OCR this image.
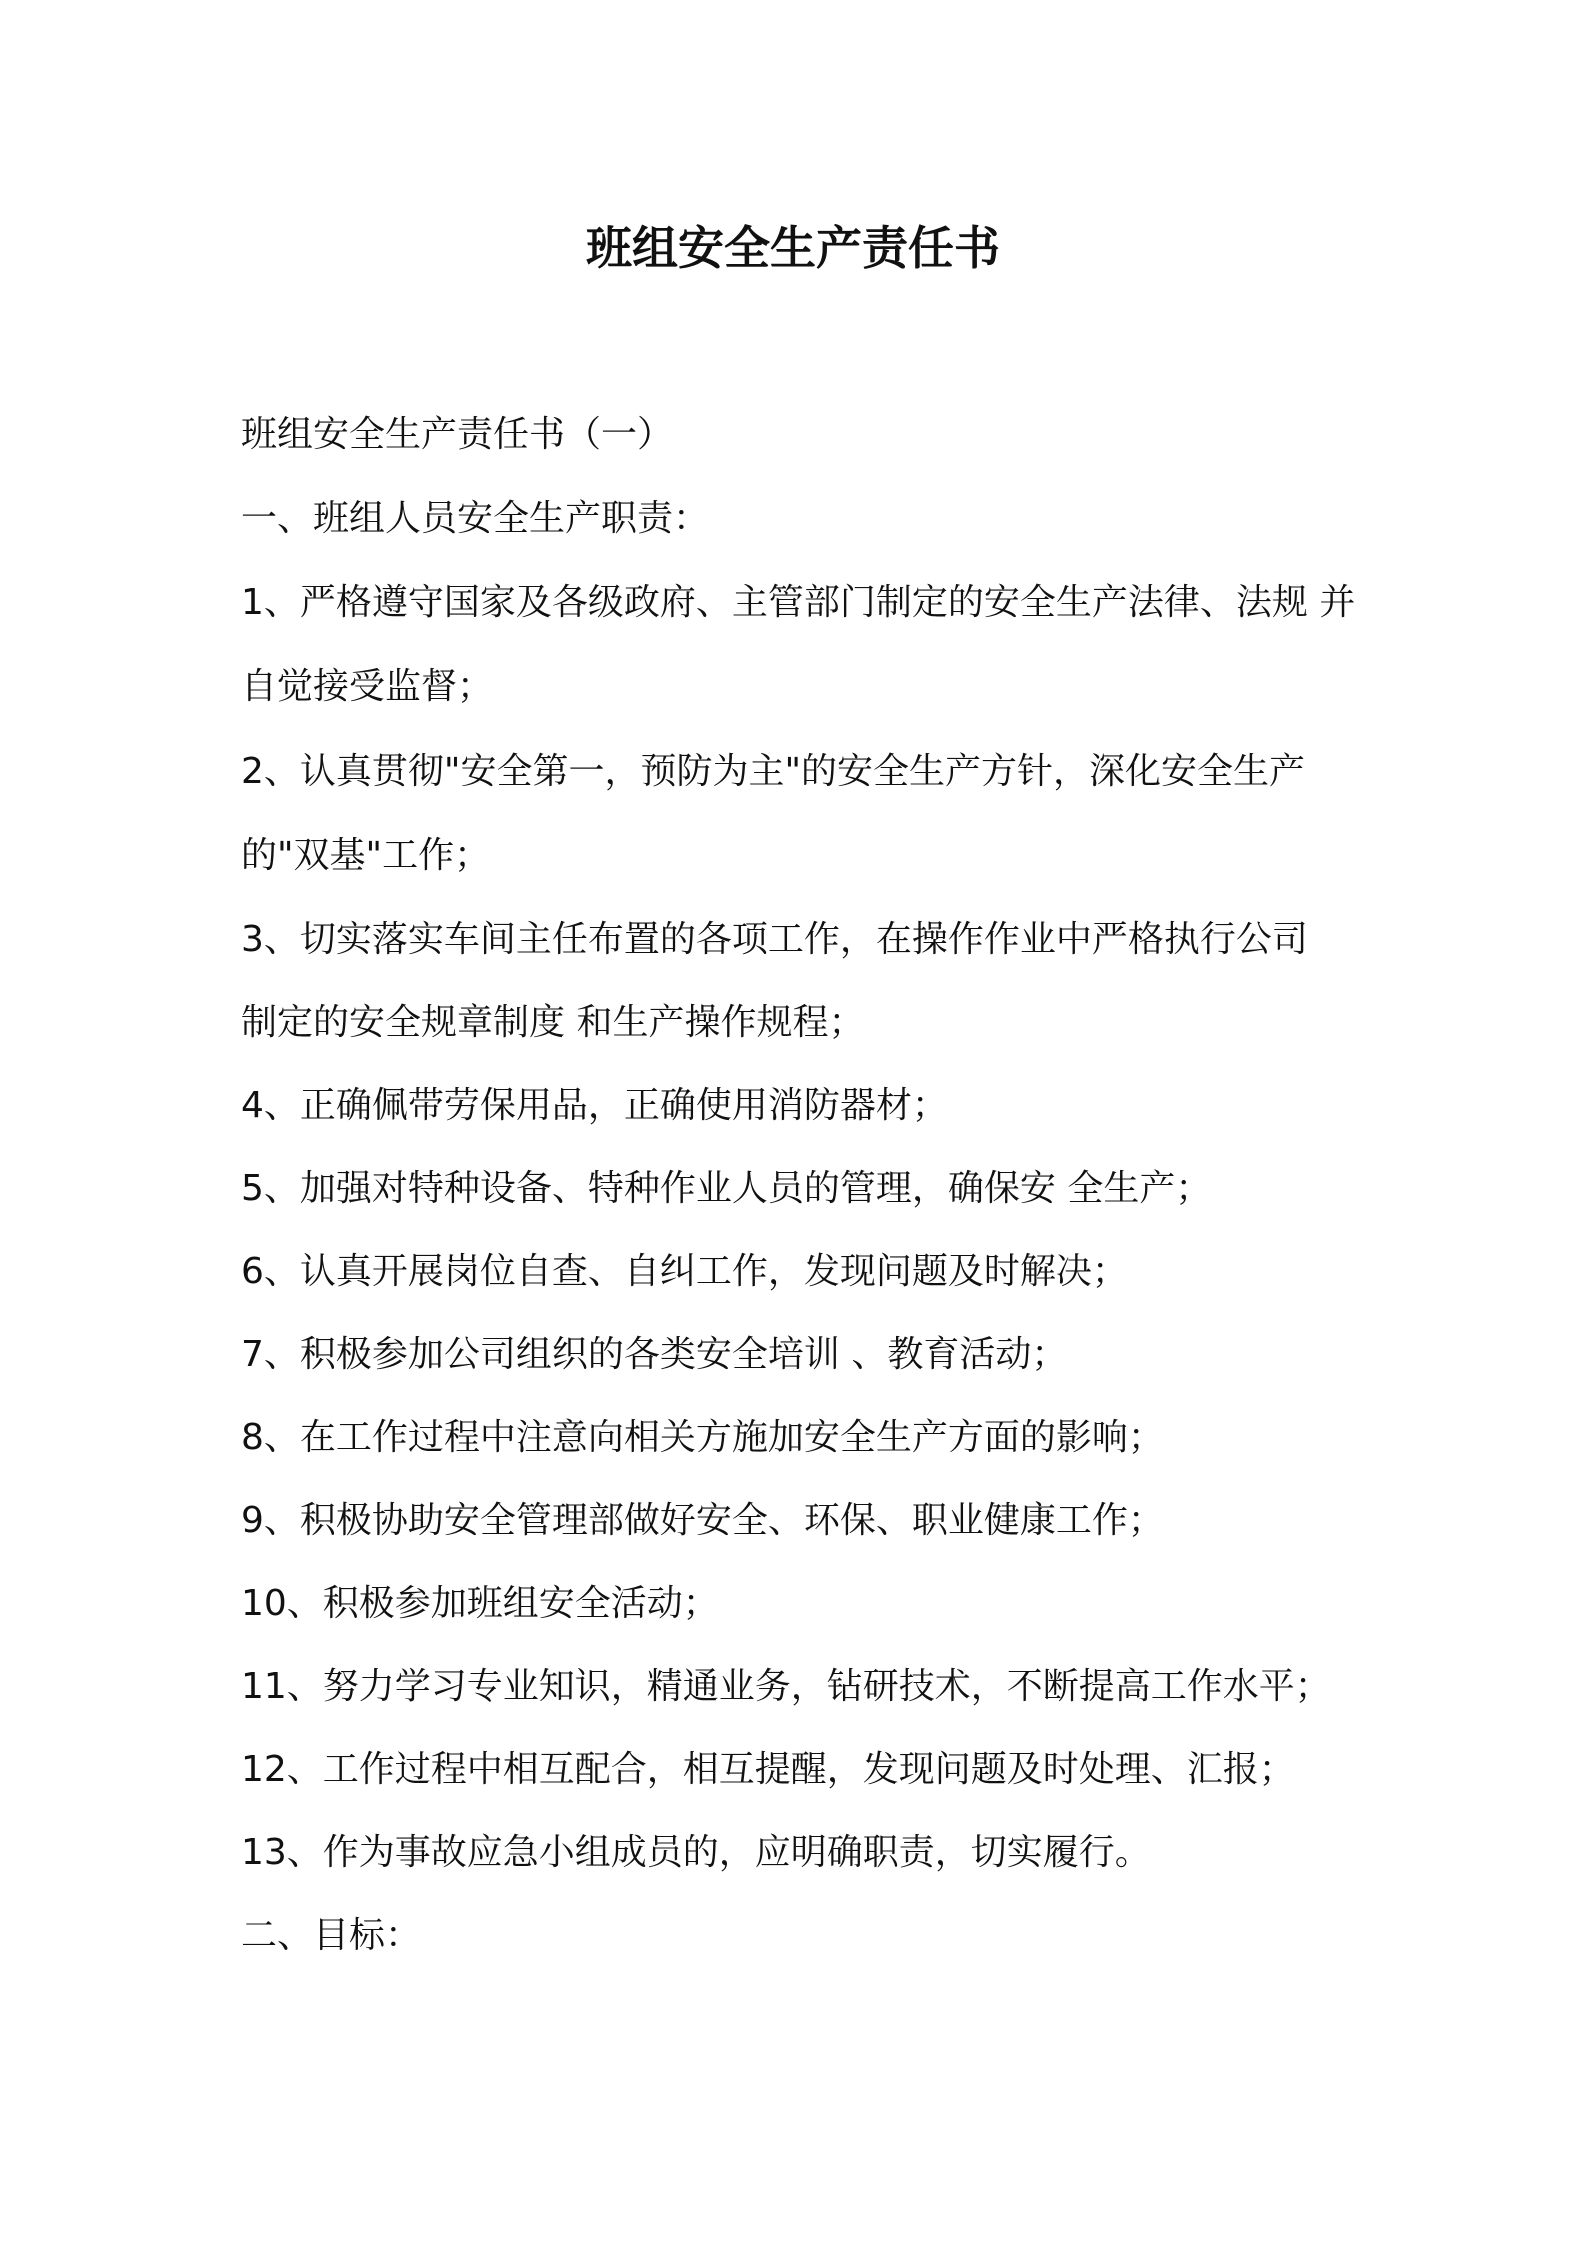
班组安全生产责任书
班组安全生产责任书（一）
一、班组人员安全生产职责：
1、严格遵守国家及各级政府、主管部门制定的安全生产法律、法规 并
自觉接受监督；
2、认真贯彻"安全第一，预防为主"的安全生产方针，深化安全生产
的"双基"工作；
3、切实落实车间主任布置的各项工作，在操作作业中严格执行公司
制定的安全规章制度 和生产操作规程；
4、正确佩带劳保用品，正确使用消防器材；
5、加强对特种设备、特种作业人员的管理，确保安 全生产；
6、认真开展岗位自查、自纠工作，发现问题及时解决；
7、积极参加公司组织的各类安全培训 、教育活动；
8、在工作过程中注意向相关方施加安全生产方面的影响；
9、积极协助安全管理部做好安全、环保、职业健康工作；
10、积极参加班组安全活动；
11、努力学习专业知识，精通业务，钻研技术，不断提高工作水平；
12、工作过程中相互配合，相互提醒，发现问题及时处理、汇报；
13、作为事故应急小组成员的，应明确职责，切实履行。
二、目标：
